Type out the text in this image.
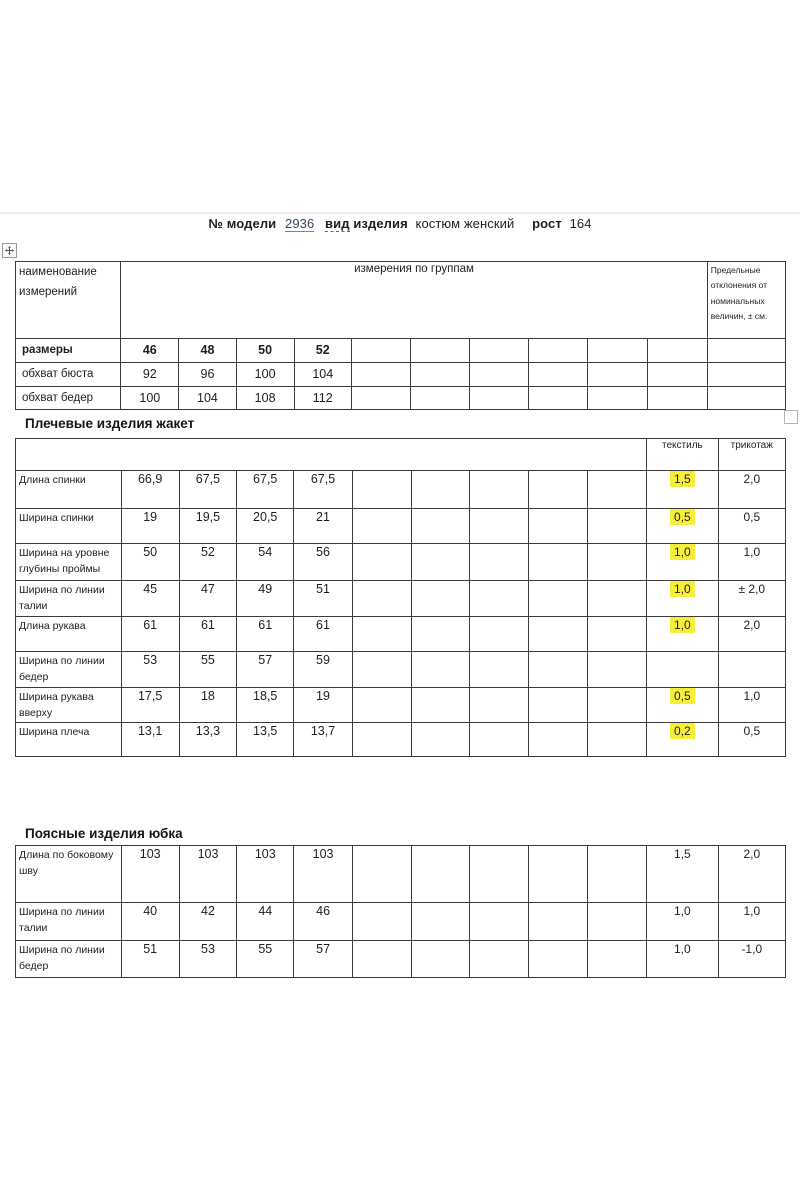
№ модели 2936 вид изделия костюм женский рост 164
наименование измерений	измерения по группам										Предельные отклонения от номинальных величин, ± см.
размеры	46	48	50	52							
обхват бюста	92	96	100	104							
обхват бедер	100	104	108	112							
Плечевые изделия жакет
										текстиль	трикотаж
Длина спинки	66,9	67,5	67,5	67,5						1,5	2,0
Ширина спинки	19	19,5	20,5	21						0,5	0,5
Ширина на уровне глубины проймы	50	52	54	56						1,0	1,0
Ширина по линии талии	45	47	49	51						1,0	± 2,0
Длина рукава	61	61	61	61						1,0	2,0
Ширина по линии бедер	53	55	57	59							
Ширина рукава вверху	17,5	18	18,5	19						0,5	1,0
Ширина плеча	13,1	13,3	13,5	13,7						0,2	0,5
Поясные изделия юбка
Длина по боковому шву	103	103	103	103						1,5	2,0
Ширина по линии талии	40	42	44	46						1,0	1,0
Ширина по линии бедер	51	53	55	57						1,0	-1,0
